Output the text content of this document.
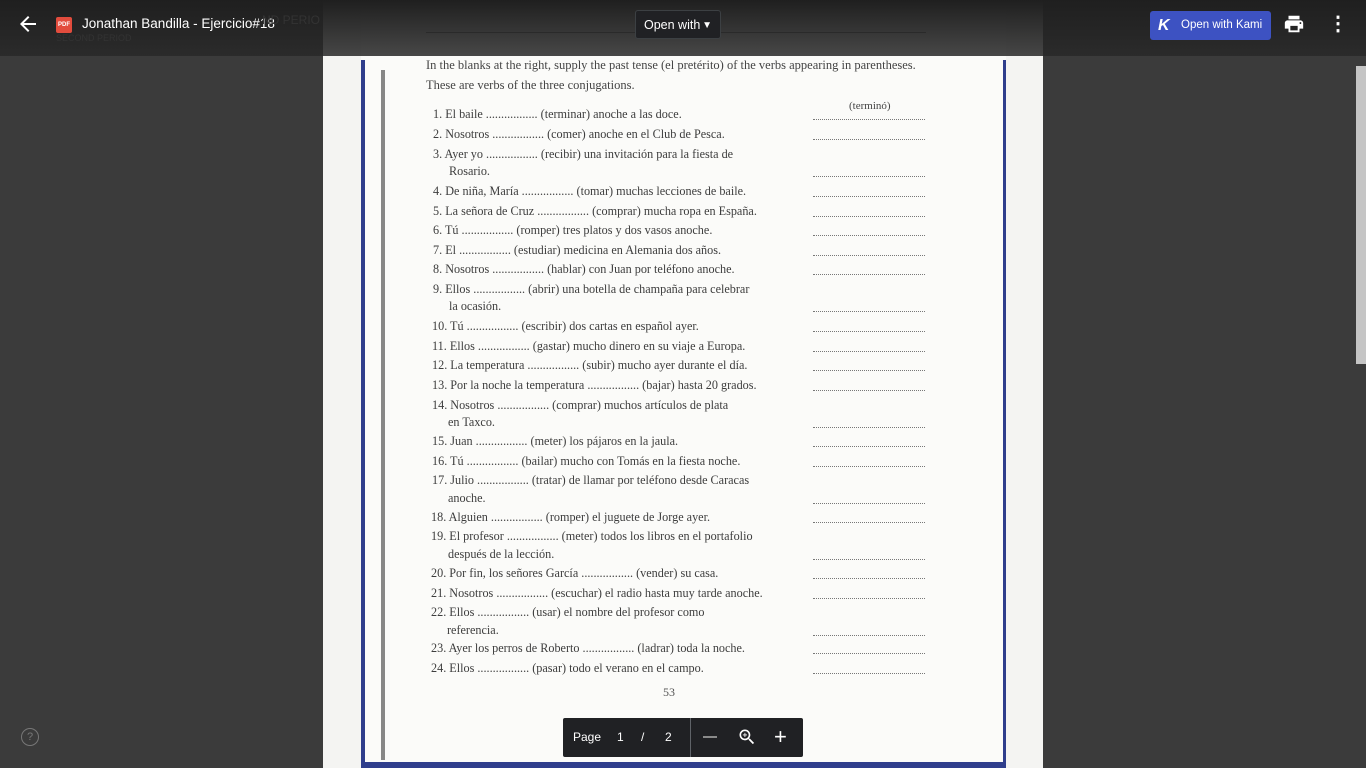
In the blanks at the right, supply the past tense (el pretérito) of the verbs appearing in parentheses. These are verbs of the three conjugations.
(terminó)
1. El baile ................. (terminar) anoche a las doce.
2. Nosotros ................. (comer) anoche en el Club de Pesca.
3. Ayer yo ................. (recibir) una invitación para la fiesta de
Rosario.
4. De niña, María ................. (tomar) muchas lecciones de baile.
5. La señora de Cruz ................. (comprar) mucha ropa en España.
6. Tú ................. (romper) tres platos y dos vasos anoche.
7. El ................. (estudiar) medicina en Alemania dos años.
8. Nosotros ................. (hablar) con Juan por teléfono anoche.
9. Ellos ................. (abrir) una botella de champaña para celebrar
la ocasión.
10. Tú ................. (escribir) dos cartas en español ayer.
11. Ellos ................. (gastar) mucho dinero en su viaje a Europa.
12. La temperatura ................. (subir) mucho ayer durante el día.
13. Por la noche la temperatura ................. (bajar) hasta 20 grados.
14. Nosotros ................. (comprar) muchos artículos de plata
en Taxco.
15. Juan ................. (meter) los pájaros en la jaula.
16. Tú ................. (bailar) mucho con Tomás en la fiesta noche.
17. Julio ................. (tratar) de llamar por teléfono desde Caracas
anoche.
18. Alguien ................. (romper) el juguete de Jorge ayer.
19. El profesor ................. (meter) todos los libros en el portafolio
después de la lección.
20. Por fin, los señores García ................. (vender) su casa.
21. Nosotros ................. (escuchar) el radio hasta muy tarde anoche.
22. Ellos ................. (usar) el nombre del profesor como
referencia.
23. Ayer los perros de Roberto ................. (ladrar) toda la noche.
24. Ellos ................. (pasar) todo el verano en el campo.
53
PDF Jonathan Bandilla - Ejercicio#18
ND PERIO
SECOND PERIOD
Open with ▼	K Open with Kami	⋮
?	Page 1 / 2	+
